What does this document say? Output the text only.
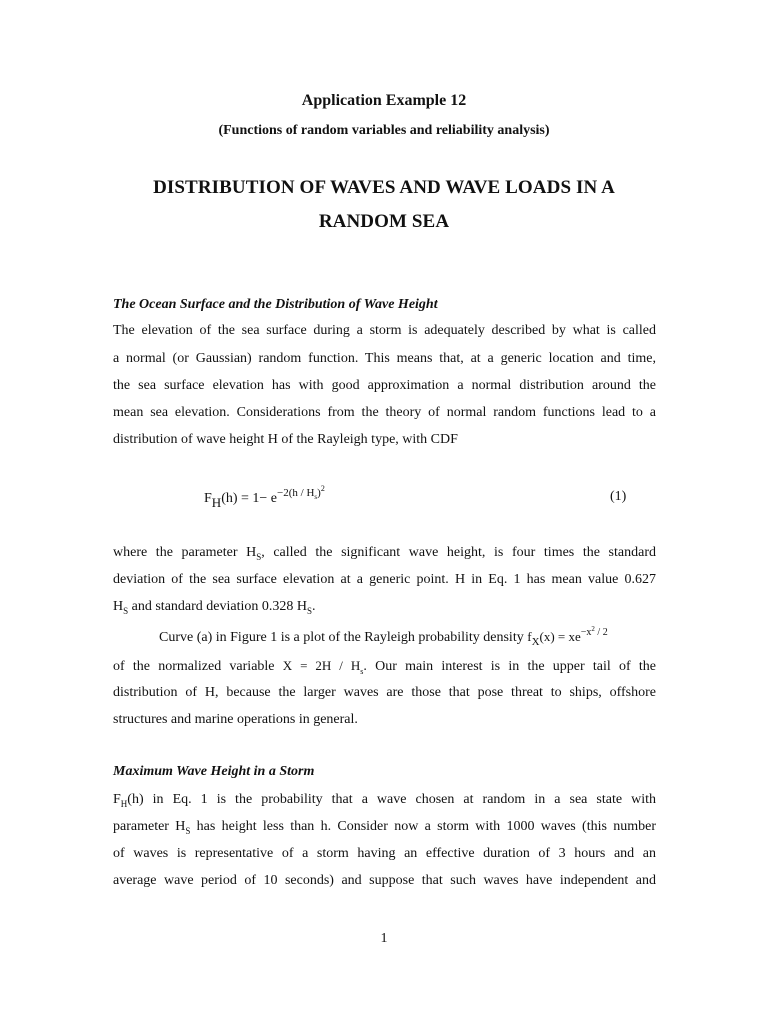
Application Example 12
(Functions of random variables and reliability analysis)
DISTRIBUTION OF WAVES AND WAVE LOADS IN A
RANDOM SEA
The Ocean Surface and the Distribution of Wave Height
The elevation of the sea surface during a storm is adequately described by what is called
a normal (or Gaussian) random function. This means that, at a generic location and time,
the sea surface elevation has with good approximation a normal distribution around the
mean sea elevation. Considerations from the theory of normal random functions lead to a
distribution of wave height H of the Rayleigh type, with CDF
$F_H(h) = 1- e^{-2(h / H_s)^2}$
(1)
where the parameter $H_S$, called the significant wave height, is four times the standard
deviation of the sea surface elevation at a generic point. H in Eq. 1 has mean value 0.627
$H_S$ and standard deviation 0.328 $H_S$.
Curve (a) in Figure 1 is a plot of the Rayleigh probability density $f_X(x) = xe^{-x^2 / 2}$
of the normalized variable $X = 2H / H_s$. Our main interest is in the upper tail of the
distribution of H, because the larger waves are those that pose threat to ships, offshore
structures and marine operations in general.
Maximum Wave Height in a Storm
$F_H(h)$ in Eq. 1 is the probability that a wave chosen at random in a sea state with
parameter $H_S$ has height less than h. Consider now a storm with 1000 waves (this number
of waves is representative of a storm having an effective duration of 3 hours and an
average wave period of 10 seconds) and suppose that such waves have independent and
1
